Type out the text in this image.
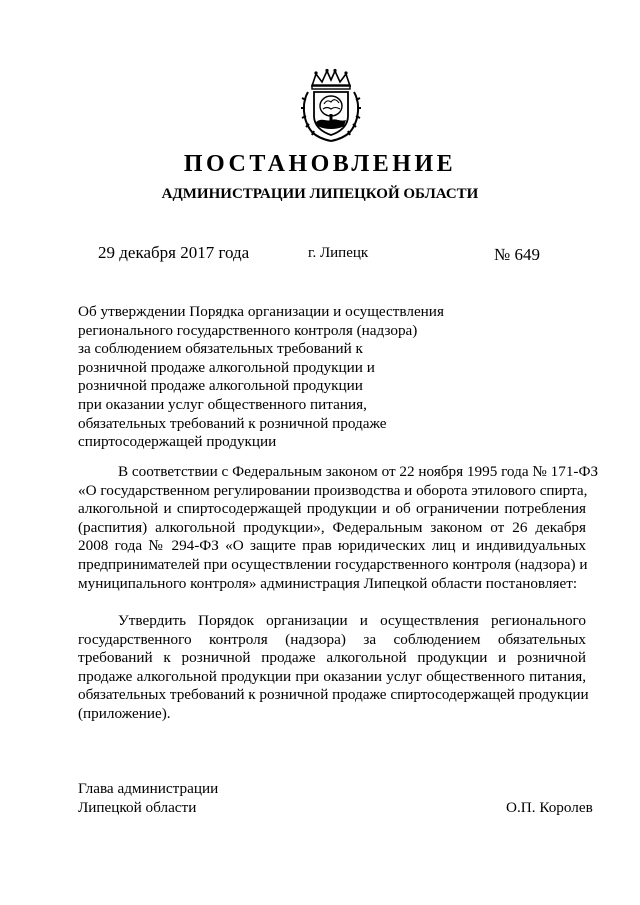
ПОСТАНОВЛЕНИЕ
АДМИНИСТРАЦИИ ЛИПЕЦКОЙ ОБЛАСТИ
29 декабря 2017 года	г. Липецк	№ 649
Об утверждении Порядка организации и осуществления
регионального государственного контроля (надзора)
за соблюдением обязательных требований к
розничной продаже алкогольной продукции и
розничной продаже алкогольной продукции
при оказании услуг общественного питания,
обязательных требований к розничной продаже
спиртосодержащей продукции
В соответствии с Федеральным законом от 22 ноября 1995 года № 171-ФЗ
«О государственном регулировании производства и оборота этилового спирта,
алкогольной и спиртосодержащей продукции и об ограничении потребления
(распития) алкогольной продукции», Федеральным законом от 26 декабря
2008 года № 294-ФЗ «О защите прав юридических лиц и индивидуальных
предпринимателей при осуществлении государственного контроля (надзора) и
муниципального контроля» администрация Липецкой области постановляет:
Утвердить Порядок организации и осуществления регионального
государственного контроля (надзора) за соблюдением обязательных
требований к розничной продаже алкогольной продукции и розничной
продаже алкогольной продукции при оказании услуг общественного питания,
обязательных требований к розничной продаже спиртосодержащей продукции
(приложение).
Глава администрации
Липецкой области	О.П. Королев
